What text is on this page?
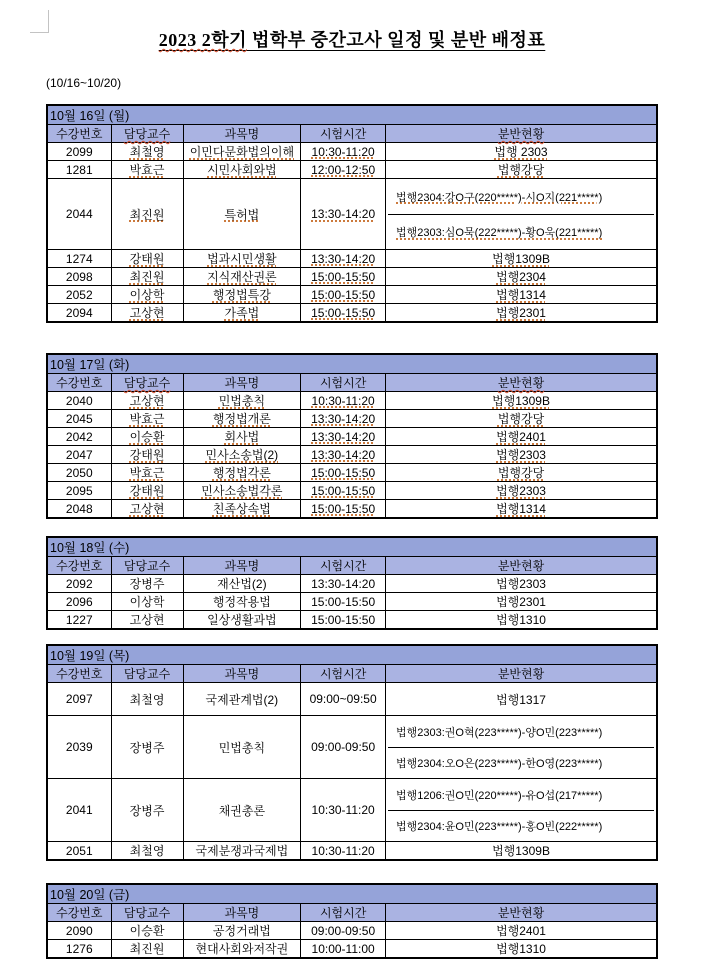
2023 2학기 법학부 중간고사 일정 및 분반 배정표
(10/16~10/20)
10월 16일 (월)				
수강번호	담당교수	과목명	시험시간	분반현황
2099	최철영	이민다문화법의이해	10:30-11:20	법행 2303
1281	박효근	시민사회와법	12:00-12:50	법행강당
2044	최진원	특허법	13:30-14:20	법행2304:강O구(220*****)-시O지(221*****)
법행2303:심O묵(222*****)-황O욱(221*****)

1274	강태원	법과시민생활	13:30-14:20	법행1309B
2098	최진원	지식재산권론	15:00-15:50	법행2304
2052	이상학	행정법특강	15:00-15:50	법행1314
2094	고상현	가족법	15:00-15:50	법행2301
10월 17일 (화)				
수강번호	담당교수	과목명	시험시간	분반현황
2040	고상현	민법총칙	10:30-11:20	법행1309B
2045	박효근	행정법개론	13:30-14:20	법행강당
2042	이승환	회사법	13:30-14:20	법행2401
2047	강태원	민사소송법(2)	13:30-14:20	법행2303
2050	박효근	행정법각론	15:00-15:50	법행강당
2095	강태원	민사소송법각론	15:00-15:50	법행2303
2048	고상현	친족상속법	15:00-15:50	법행1314
10월 18일 (수)				
수강번호	담당교수	과목명	시험시간	분반현황
2092	장병주	재산법(2)	13:30-14:20	법행2303
2096	이상학	행정작용법	15:00-15:50	법행2301
1227	고상현	일상생활과법	15:00-15:50	법행1310
10월 19일 (목)				
수강번호	담당교수	과목명	시험시간	분반현황
2097	최철영	국제관계법(2)	09:00~09:50	법행1317
2039	장병주	민법총칙	09:00-09:50	법행2303:권O혁(223*****)-양O민(223*****)
법행2304:오O은(223*****)-한O영(223*****)

2041	장병주	채권총론	10:30-11:20	법행1206:권O민(220*****)-유O섭(217*****)
법행2304:윤O민(223*****)-홍O빈(222*****)

2051	최철영	국제분쟁과국제법	10:30-11:20	법행1309B
10월 20일 (금)				
수강번호	담당교수	과목명	시험시간	분반현황
2090	이승환	공정거래법	09:00-09:50	법행2401
1276	최진원	현대사회와저작권	10:00-11:00	법행1310
